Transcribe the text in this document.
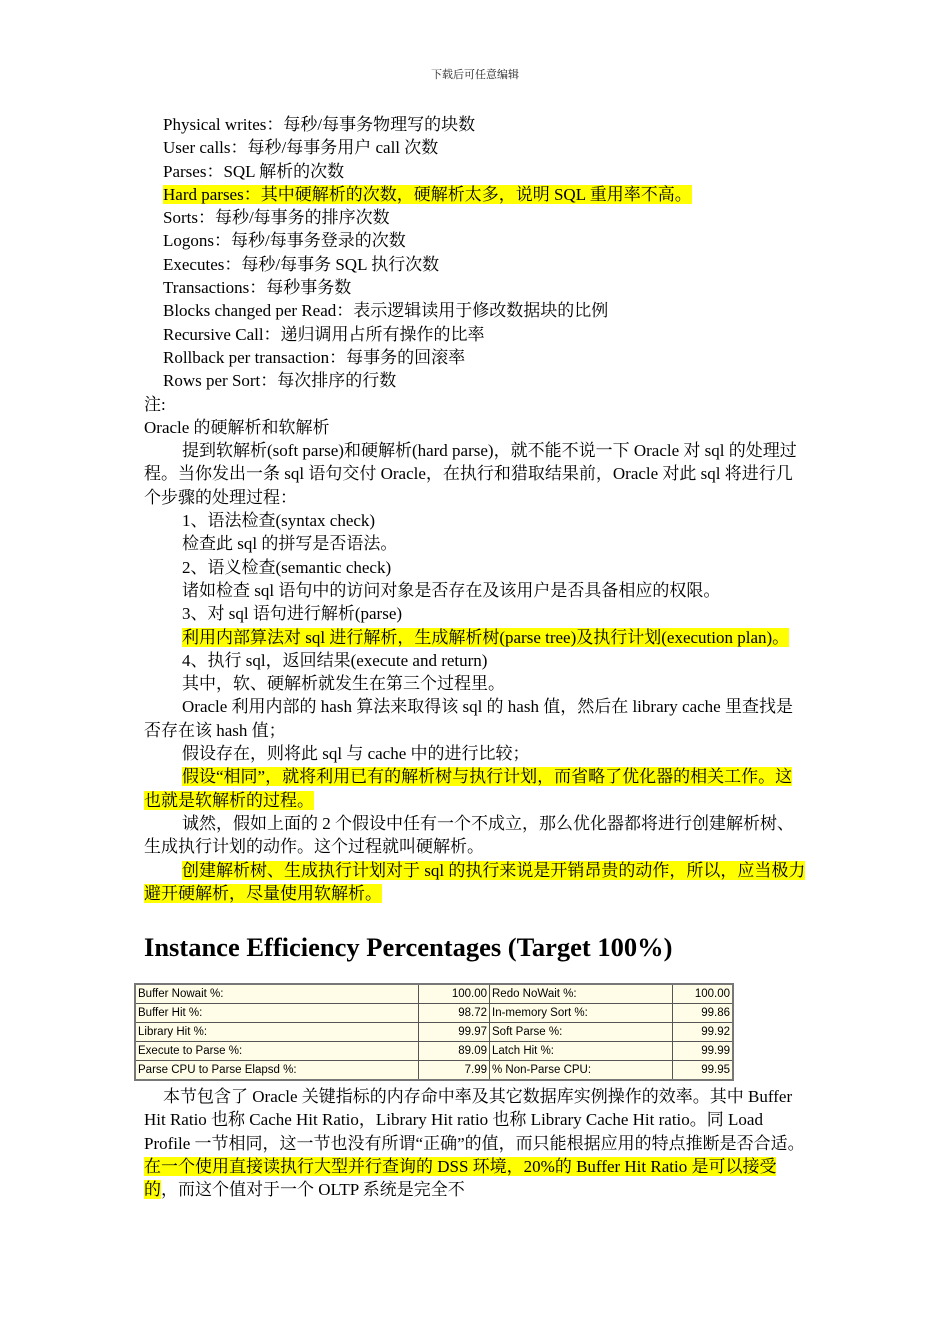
下载后可任意编辑

Physical writes：每秒/每事务物理写的块数

User calls：每秒/每事务用户 call 次数

Parses：SQL 解析的次数

Hard parses：其中硬解析的次数，硬解析太多，说明 SQL 重用率不高。

Sorts：每秒/每事务的排序次数

Logons：每秒/每事务登录的次数

Executes：每秒/每事务 SQL 执行次数

Transactions：每秒事务数

Blocks changed per Read：表示逻辑读用于修改数据块的比例

Recursive Call：递归调用占所有操作的比率

Rollback per transaction：每事务的回滚率

Rows per Sort：每次排序的行数

注:

Oracle 的硬解析和软解析

提到软解析(soft parse)和硬解析(hard parse)，就不能不说一下 Oracle 对 sql 的处理过程。当你发出一条 sql 语句交付 Oracle，在执行和猎取结果前，Oracle 对此 sql 将进行几个步骤的处理过程：

1、语法检查(syntax check)

检查此 sql 的拼写是否语法。

2、语义检查(semantic check)

诸如检查 sql 语句中的访问对象是否存在及该用户是否具备相应的权限。

3、对 sql 语句进行解析(parse)

利用内部算法对 sql 进行解析，生成解析树(parse tree)及执行计划(execution plan)。

4、执行 sql，返回结果(execute and return)

其中，软、硬解析就发生在第三个过程里。

Oracle 利用内部的 hash 算法来取得该 sql 的 hash 值，然后在 library cache 里查找是否存在该 hash 值；

假设存在，则将此 sql 与 cache 中的进行比较；

假设“相同”，就将利用已有的解析树与执行计划，而省略了优化器的相关工作。这也就是软解析的过程。

诚然，假如上面的 2 个假设中任有一个不成立，那么优化器都将进行创建解析树、生成执行计划的动作。这个过程就叫硬解析。

创建解析树、生成执行计划对于 sql 的执行来说是开销昂贵的动作，所以，应当极力避开硬解析，尽量使用软解析。

Instance Efficiency Percentages (Target 100%)

Buffer Nowait %:	100.00	Redo NoWait %:	100.00
Buffer Hit %:	98.72	In-memory Sort %:	99.86
Library Hit %:	99.97	Soft Parse %:	99.92
Execute to Parse %:	89.09	Latch Hit %:	99.99
Parse CPU to Parse Elapsd %:	7.99	% Non-Parse CPU:	99.95

本节包含了 Oracle 关键指标的内存命中率及其它数据库实例操作的效率。其中 Buffer Hit Ratio 也称 Cache Hit Ratio，Library Hit ratio 也称 Library Cache Hit ratio。同 Load Profile 一节相同，这一节也没有所谓“正确”的值，而只能根据应用的特点推断是否合适。在一个使用直接读执行大型并行查询的 DSS 环境，20%的 Buffer Hit Ratio 是可以接受的，而这个值对于一个 OLTP 系统是完全不
